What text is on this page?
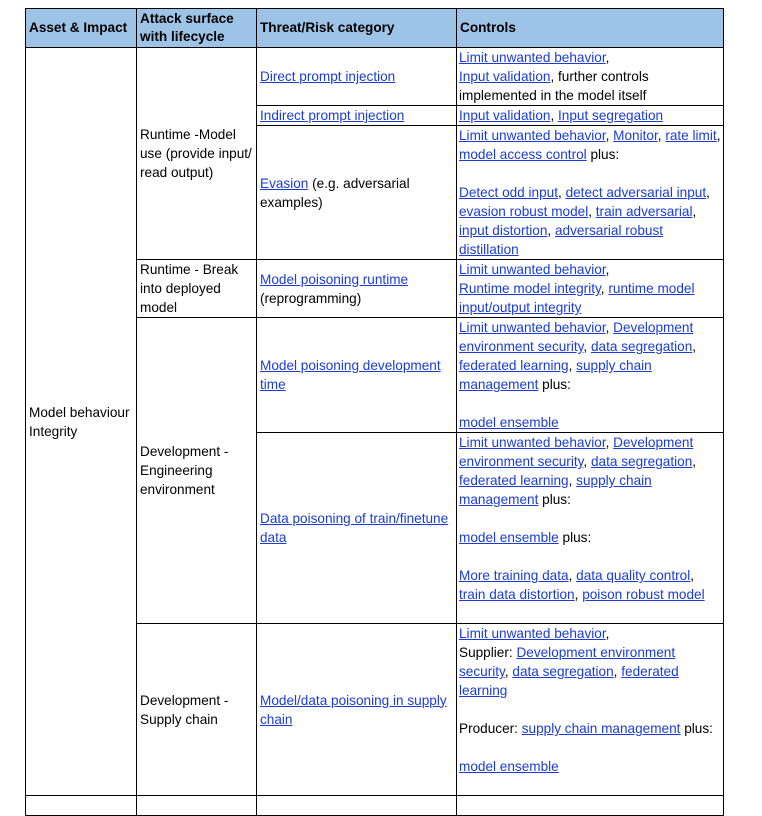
Asset & Impact	Attack surface with lifecycle	Threat/Risk category	Controls
Model behaviour Integrity	Runtime -Model use (provide input/ read output)	Direct prompt injection	Limit unwanted behavior,
Input validation, further controls implemented in the model itself
		Indirect prompt injection	Input validation, Input segregation
		Evasion (e.g. adversarial examples)	Limit unwanted behavior, Monitor, rate limit, model access control plus:
Detect odd input, detect adversarial input, evasion robust model, train adversarial, input distortion, adversarial robust distillation
	Runtime - Break into deployed model	Model poisoning runtime (reprogramming)	Limit unwanted behavior,
Runtime model integrity, runtime model input/output integrity
	Development - Engineering environment	Model poisoning development time	Limit unwanted behavior, Development environment security, data segregation, federated learning, supply chain management plus:
model ensemble
		Data poisoning of train/finetune data	Limit unwanted behavior, Development environment security, data segregation, federated learning, supply chain management plus:
model ensemble plus:
More training data, data quality control, train data distortion, poison robust model
	Development - Supply chain	Model/data poisoning in supply chain	Limit unwanted behavior,
Supplier: Development environment security, data segregation, federated learning
Producer: supply chain management plus:
model ensemble
